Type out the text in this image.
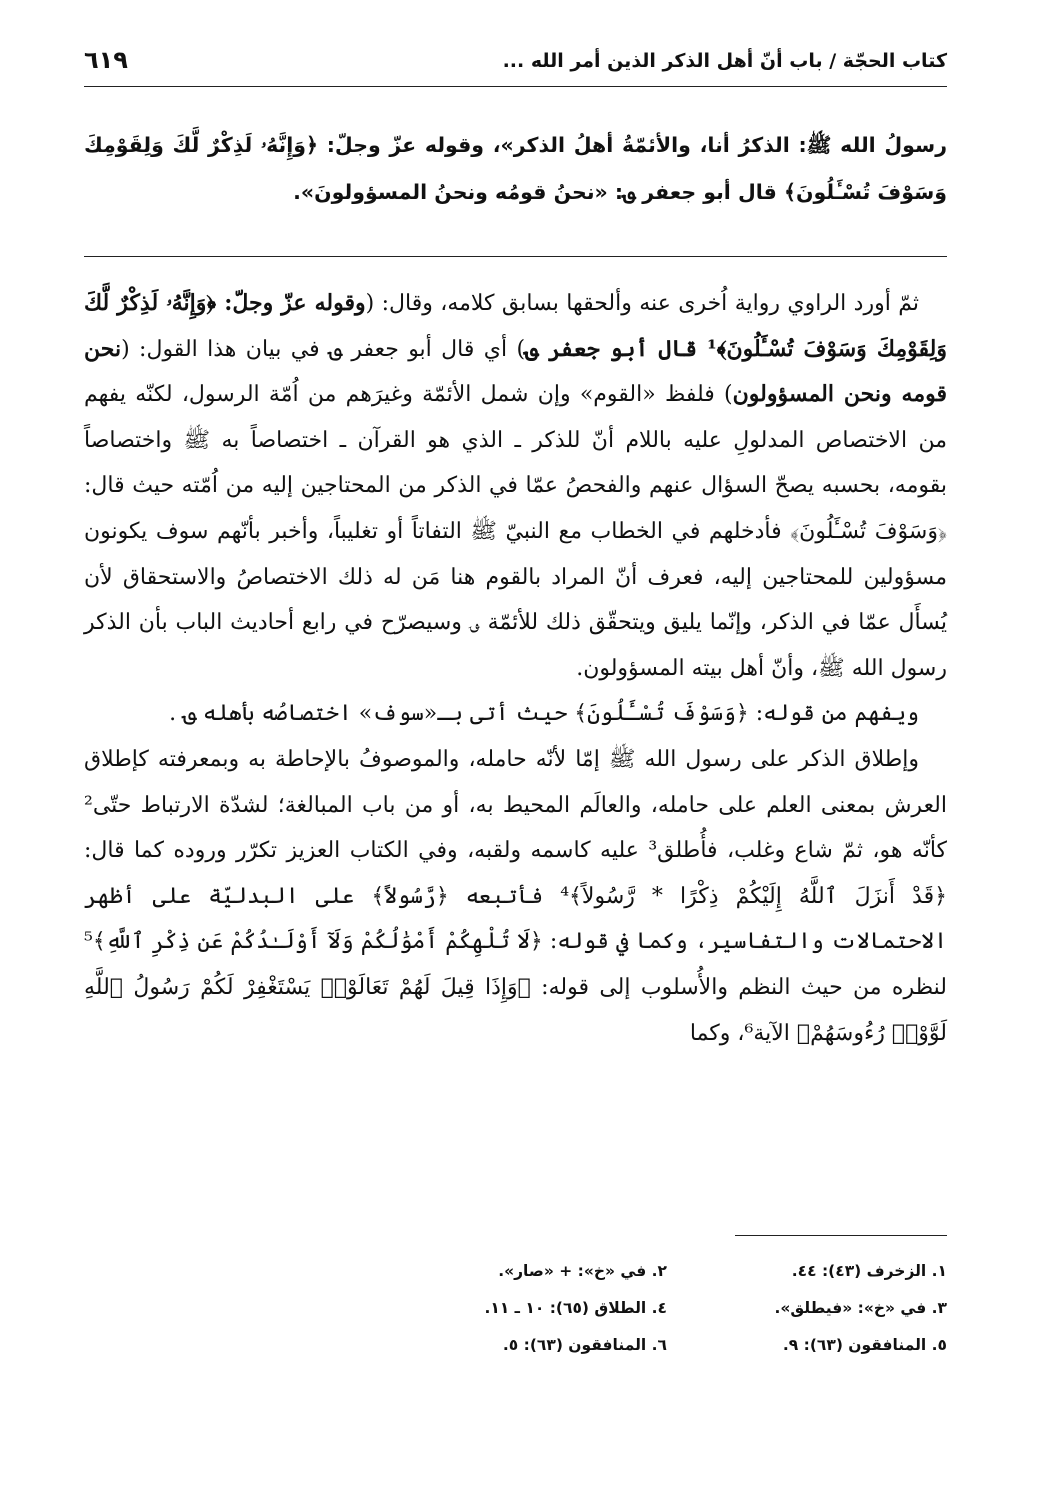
كتاب الحجّة / باب أنّ أهل الذكر الذين أمر الله ...
٦١٩

رسولُ الله ﷺ: الذكرُ أنا، والأئمّةُ أهلُ الذكر»، وقوله عزّ وجلّ: ﴿وَإِنَّهُۥ لَذِكْرٌ لَّكَ وَلِقَوْمِكَ وَسَوْفَ تُسْـَٔلُونَ﴾ قال أبو جعفر ؈: «نحنُ قومُه ونحنُ المسؤولونَ».

ثمّ أورد الراوي رواية اُخرى عنه وألحقها بسابق كلامه، وقال: (وقوله عزّ وجلّ: ﴿وَإِنَّهُۥ لَذِكْرٌ لَّكَ وَلِقَوْمِكَ وَسَوْفَ تُسْـَٔلُونَ﴾¹ قال أبو جعفر ؈) أي قال أبو جعفر ؈ في بيان هذا القول: (نحن قومه ونحن المسؤولون) فلفظ «القوم» وإن شمل الأئمّة وغيرَهم من اُمّة الرسول، لكنّه يفهم من الاختصاص المدلولِ عليه باللام أنّ للذكر ـ الذي هو القرآن ـ اختصاصاً به ﷺ واختصاصاً بقومه، بحسبه يصحّ السؤال عنهم والفحصُ عمّا في الذكر من المحتاجين إليه من اُمّته حيث قال: ﴿وَسَوْفَ تُسْـَٔلُونَ﴾ فأدخلهم في الخطاب مع النبيّ ﷺ التفاتاً أو تغليباً، وأخبر بأنّهم سوف يكونون مسؤولين للمحتاجين إليه، فعرف أنّ المراد بالقوم هنا مَن له ذلك الاختصاصُ والاستحقاق لأن يُسأَل عمّا في الذكر، وإنّما يليق ويتحقّق ذلك للأئمّة ؈ وسيصرّح في رابع أحاديث الباب بأن الذكر رسول الله ﷺ، وأنّ أهل بيته المسؤولون.

ويفهم من قوله: ﴿وَسَوْفَ تُسْـَٔلُونَ﴾ حيث أتى بـ«سوف» اختصاصُه بأهله ؈ .

وإطلاق الذكر على رسول الله ﷺ إمّا لأنّه حامله، والموصوفُ بالإحاطة به وبمعرفته كإطلاق العرش بمعنى العلم على حامله، والعالَم المحيط به، أو من باب المبالغة؛ لشدّة الارتباط حتّى² كأنّه هو، ثمّ شاع وغلب، فأُطلق³ عليه كاسمه ولقبه، وفي الكتاب العزيز تكرّر وروده كما قال: ﴿قَدْ أَنزَلَ ٱللَّهُ إِلَيْكُمْ ذِكْرًا * رَّسُولاً﴾⁴ فأتبعه ﴿رَّسُولاً﴾ على البدليّة على أظهر الاحتمالات والتفاسير، وكما في قوله: ﴿لَا تُلْهِكُمْ أَمْوَٰلُكُمْ وَلَآ أَوْلَـٰدُكُمْ عَن ذِكْرِ ٱللَّهِ﴾⁵ لنظره من حيث النظم والأُسلوب إلى قوله: ﴿وَإِذَا قِيلَ لَهُمْ تَعَالَوْا۟ يَسْتَغْفِرْ لَكُمْ رَسُولُ ٱللَّهِ لَوَّوْا۟ رُءُوسَهُمْ﴾ الآية⁶، وكما

١. الزخرف (٤٣): ٤٤.
٢. في «خ»: + «صار».
٣. في «خ»: «فيطلق».
٤. الطلاق (٦٥): ١٠ ـ ١١.
٥. المنافقون (٦٣): ٩.
٦. المنافقون (٦٣): ٥.
